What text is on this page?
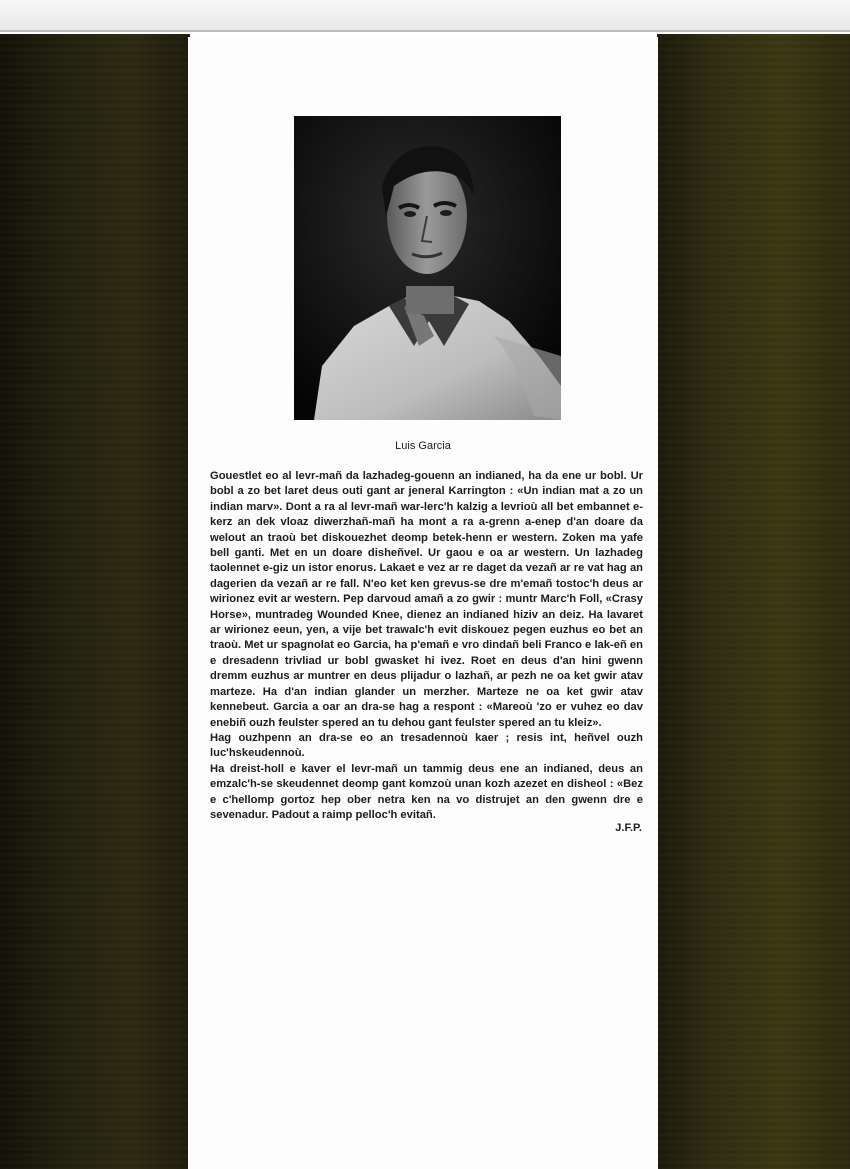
Luis Garcia

Gouestlet eo al levr-mañ da lazhadeg-gouenn an indianed, ha da ene ur bobl. Ur bobl a zo bet laret deus outi gant ar jeneral Karrington : «Un indian mat a zo un indian marv». Dont a ra al levr-mañ war-lerc'h kalzig a levrioù all bet embannet e-kerz an dek vloaz diwerzhañ-mañ ha mont a ra a-grenn a-enep d'an doare da welout an traoù bet diskouezhet deomp betek-henn er western. Zoken ma yafe bell ganti. Met en un doare disheñvel. Ur gaou e oa ar western. Un lazhadeg taolennet e-giz un istor enorus. Lakaet e vez ar re daget da vezañ ar re vat hag an dagerien da vezañ ar re fall. N'eo ket ken grevus-se dre m'emañ tostoc'h deus ar wirionez evit ar western. Pep darvoud amañ a zo gwir : muntr Marc'h Foll, «Crasy Horse», muntradeg Wounded Knee, dienez an indianed hiziv an deiz. Ha lavaret ar wirionez eeun, yen, a vije bet trawalc'h evit diskouez pegen euzhus eo bet an traoù. Met ur spagnolat eo Garcia, ha p'emañ e vro dindañ beli Franco e lak-eñ en e dresadenn trivliad ur bobl gwasket hi ivez. Roet en deus d'an hini gwenn dremm euzhus ar muntrer en deus plijadur o lazhañ, ar pezh ne oa ket gwir atav marteze. Ha d'an indian glander un merzher. Marteze ne oa ket gwir atav kennebeut. Garcia a oar an dra-se hag a respont : «Mareoù 'zo er vuhez eo dav enebiñ ouzh feulster spered an tu dehou gant feulster spered an tu kleiz».

Hag ouzhpenn an dra-se eo an tresadennoù kaer ; resis int, heñvel ouzh luc'hskeudennoù.

Ha dreist-holl e kaver el levr-mañ un tammig deus ene an indianed, deus an emzalc'h-se skeudennet deomp gant komzoù unan kozh azezet en disheol : «Bez e c'hellomp gortoz hep ober netra ken na vo distrujet an den gwenn dre e sevenadur. Padout a raimp pelloc'h evitañ.

J.F.P.
